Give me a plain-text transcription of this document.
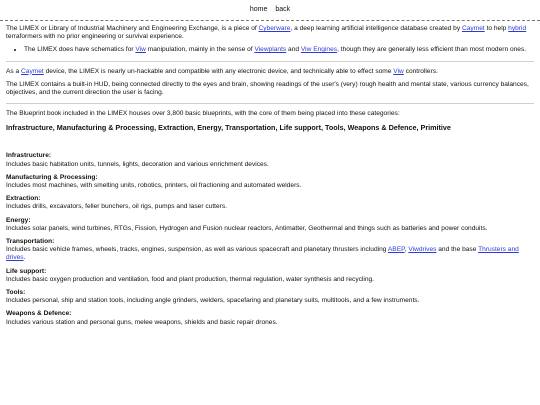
home back

The LIMEX or Library of Industrial Machinery and Engineering Exchange, is a piece of Cyberware, a deep learning artificial intelligence database created by Caymet to help hybrid terraformers with no prior engineering or survival experience.

• The LIMEX does have schematics for Viw manipulation, mainly in the sense of Viewplants and Viw Engines, though they are generally less efficient than most modern ones.

As a Caymet device, the LIMEX is nearly un-hackable and compatible with any electronic device, and technically able to effect some Viw controllers.

The LIMEX contains a built-in HUD, being connected directly to the eyes and brain, showing readings of the user's (very) rough health and mental state, various currency balances, objectives, and the current direction the user is facing.

The Blueprint book included in the LIMEX houses over 3,800 basic blueprints, with the core of them being placed into these categories:

Infrastructure, Manufacturing & Processing, Extraction, Energy, Transportation, Life support, Tools, Weapons & Defence, Primitive
Infrastructure:
Includes basic habitation units, tunnels, lights, decoration and various enrichment devices.
Manufacturing & Processing:
Includes most machines, with smelting units, robotics, printers, oil fractioning and automated welders.
Extraction:
Includes drills, excavators, feller bunchers, oil rigs, pumps and laser cutters.
Energy:
Includes solar panels, wind turbines, RTGs, Fission, Hydrogen and Fusion nuclear reactors, Antimatter, Geothermal and things such as batteries and power conduits.
Transportation:
Includes basic vehicle frames, wheels, tracks, engines, suspension, as well as various spacecraft and planetary thrusters including ABEP, Viwdrives and the base Thrusters and drives.
Life support:
Includes basic oxygen production and ventilation, food and plant production, thermal regulation, water synthesis and recycling.
Tools:
Includes personal, ship and station tools, including angle grinders, welders, spacefaring and planetary suits, multitools, and a few instruments.
Weapons & Defence:
Includes various station and personal guns, melee weapons, shields and basic repair drones.
